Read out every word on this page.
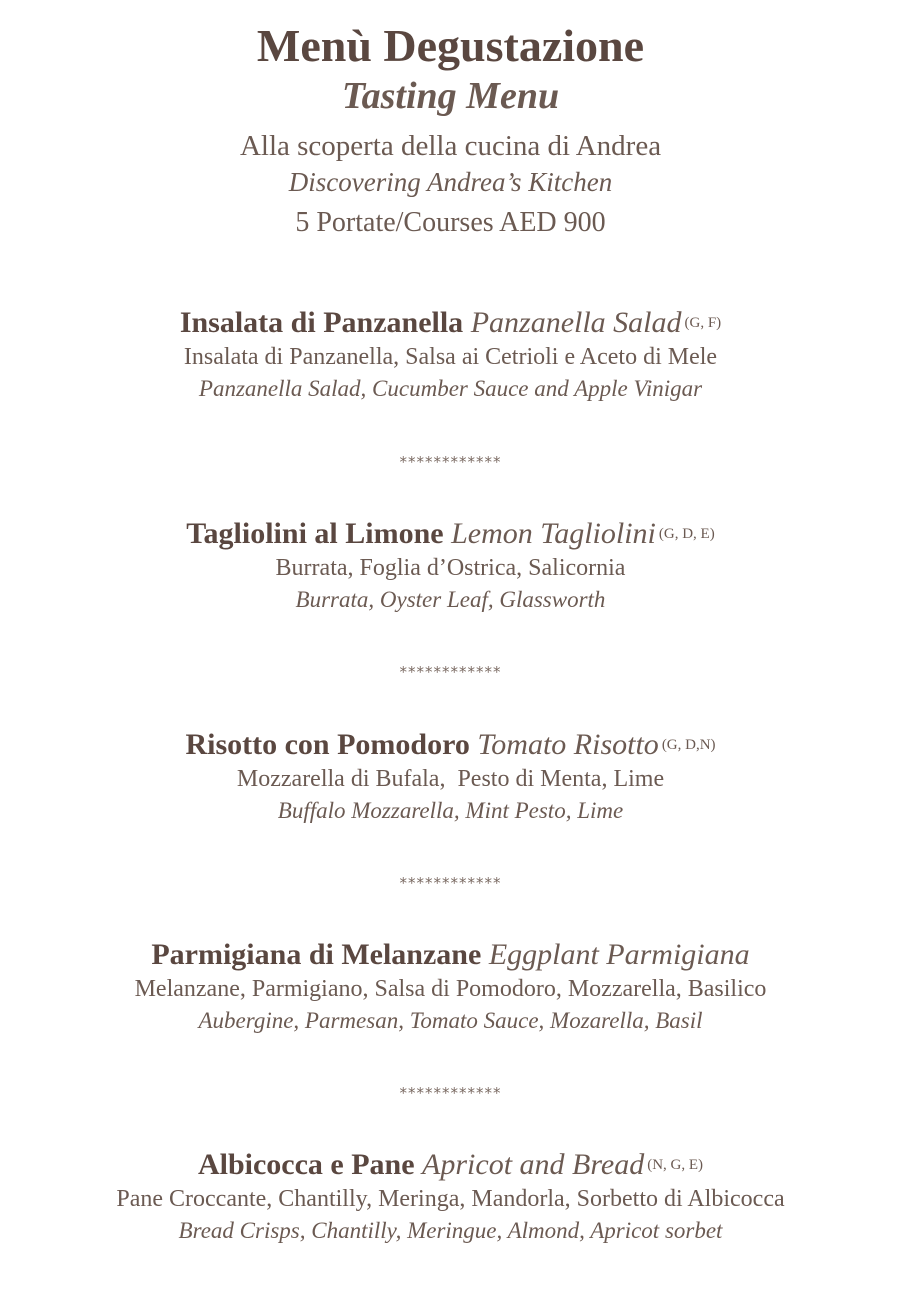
Menù Degustazione
Tasting Menu
Alla scoperta della cucina di Andrea
Discovering Andrea’s Kitchen
5 Portate/Courses AED 900
Insalata di Panzanella Panzanella Salad (G, F)
Insalata di Panzanella, Salsa ai Cetrioli e Aceto di Mele
Panzanella Salad, Cucumber Sauce and Apple Vinigar
************
Tagliolini al Limone Lemon Tagliolini (G, D, E)
Burrata, Foglia d’Ostrica, Salicornia
Burrata, Oyster Leaf, Glassworth
************
Risotto con Pomodoro Tomato Risotto (G, D,N)
Mozzarella di Bufala,  Pesto di Menta, Lime
Buffalo Mozzarella, Mint Pesto, Lime
************
Parmigiana di Melanzane Eggplant Parmigiana
Melanzane, Parmigiano, Salsa di Pomodoro, Mozzarella, Basilico
Aubergine, Parmesan, Tomato Sauce, Mozarella, Basil
************
Albicocca e Pane Apricot and Bread (N, G, E)
Pane Croccante, Chantilly, Meringa, Mandorla, Sorbetto di Albicocca
Bread Crisps, Chantilly, Meringue, Almond, Apricot sorbet
